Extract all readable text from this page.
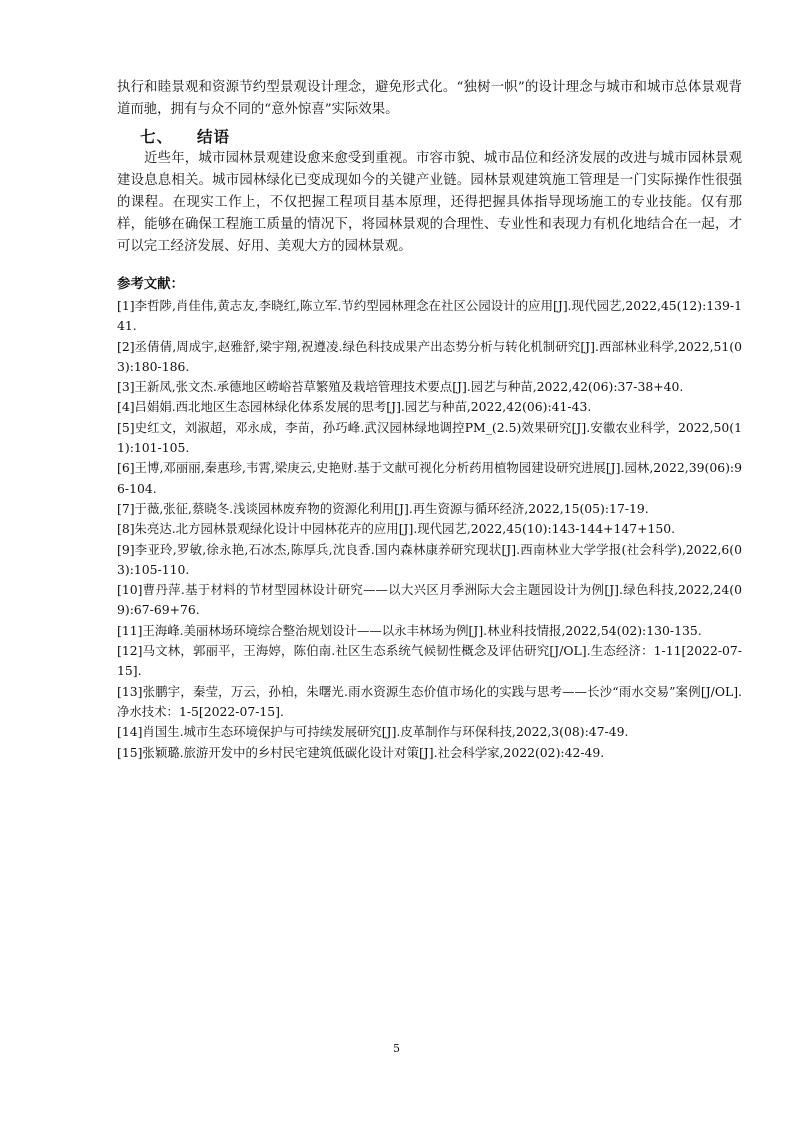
执行和睦景观和资源节约型景观设计理念，避免形式化。“独树一帜”的设计理念与城市和城市总体景观背道而驰，拥有与众不同的“意外惊喜”实际效果。

七、 结语

近些年，城市园林景观建设愈来愈受到重视。市容市貌、城市品位和经济发展的改进与城市园林景观建设息息相关。城市园林绿化已变成现如今的关键产业链。园林景观建筑施工管理是一门实际操作性很强的课程。在现实工作上，不仅把握工程项目基本原理，还得把握具体指导现场施工的专业技能。仅有那样，能够在确保工程施工质量的情况下，将园林景观的合理性、专业性和表现力有机化地结合在一起，才可以完工经济发展、好用、美观大方的园林景观。

参考文献：

[1]李哲陟,肖佳伟,黄志友,李晓红,陈立军.节约型园林理念在社区公园设计的应用[J].现代园艺,2022,45(12):139-141.

[2]丞倩倩,周成宇,赵雅舒,梁宇翔,祝遵凌.绿色科技成果产出态势分析与转化机制研究[J].西部林业科学,2022,51(03):180-186.

[3]王新凤,张文杰.承德地区崂峪苔草繁殖及栽培管理技术要点[J].园艺与种苗,2022,42(06):37-38+40.

[4]吕娟娟.西北地区生态园林绿化体系发展的思考[J].园艺与种苗,2022,42(06):41-43.

[5]史红文，刘淑超，邓永成，李苗，孙巧峰.武汉园林绿地调控PM_(2.5)效果研究[J].安徽农业科学，2022,50(11):101-105.

[6]王博,邓丽丽,秦惠珍,韦霄,梁庚云,史艳财.基于文献可视化分析药用植物园建设研究进展[J].园林,2022,39(06):96-104.

[7]于薇,张征,蔡晓冬.浅谈园林废弃物的资源化利用[J].再生资源与循环经济,2022,15(05):17-19.

[8]朱亮达.北方园林景观绿化设计中园林花卉的应用[J].现代园艺,2022,45(10):143-144+147+150.

[9]李亚玲,罗敏,徐永艳,石冰杰,陈厚兵,沈良香.国内森林康养研究现状[J].西南林业大学学报(社会科学),2022,6(03):105-110.

[10]曹丹萍.基于材料的节材型园林设计研究——以大兴区月季洲际大会主题园设计为例[J].绿色科技,2022,24(09):67-69+76.

[11]王海峰.美丽林场环境综合整治规划设计——以永丰林场为例[J].林业科技情报,2022,54(02):130-135.

[12]马文林，郭丽平，王海婷，陈伯南.社区生态系统气候韧性概念及评估研究[J/OL].生态经济：1-11[2022-07-15].

[13]张鹏宇，秦莹，万云，孙柏，朱曙光.雨水资源生态价值市场化的实践与思考——长沙“雨水交易”案例[J/OL].净水技术：1-5[2022-07-15].

[14]肖国生.城市生态环境保护与可持续发展研究[J].皮革制作与环保科技,2022,3(08):47-49.

[15]张颖璐.旅游开发中的乡村民宅建筑低碳化设计对策[J].社会科学家,2022(02):42-49.

5
